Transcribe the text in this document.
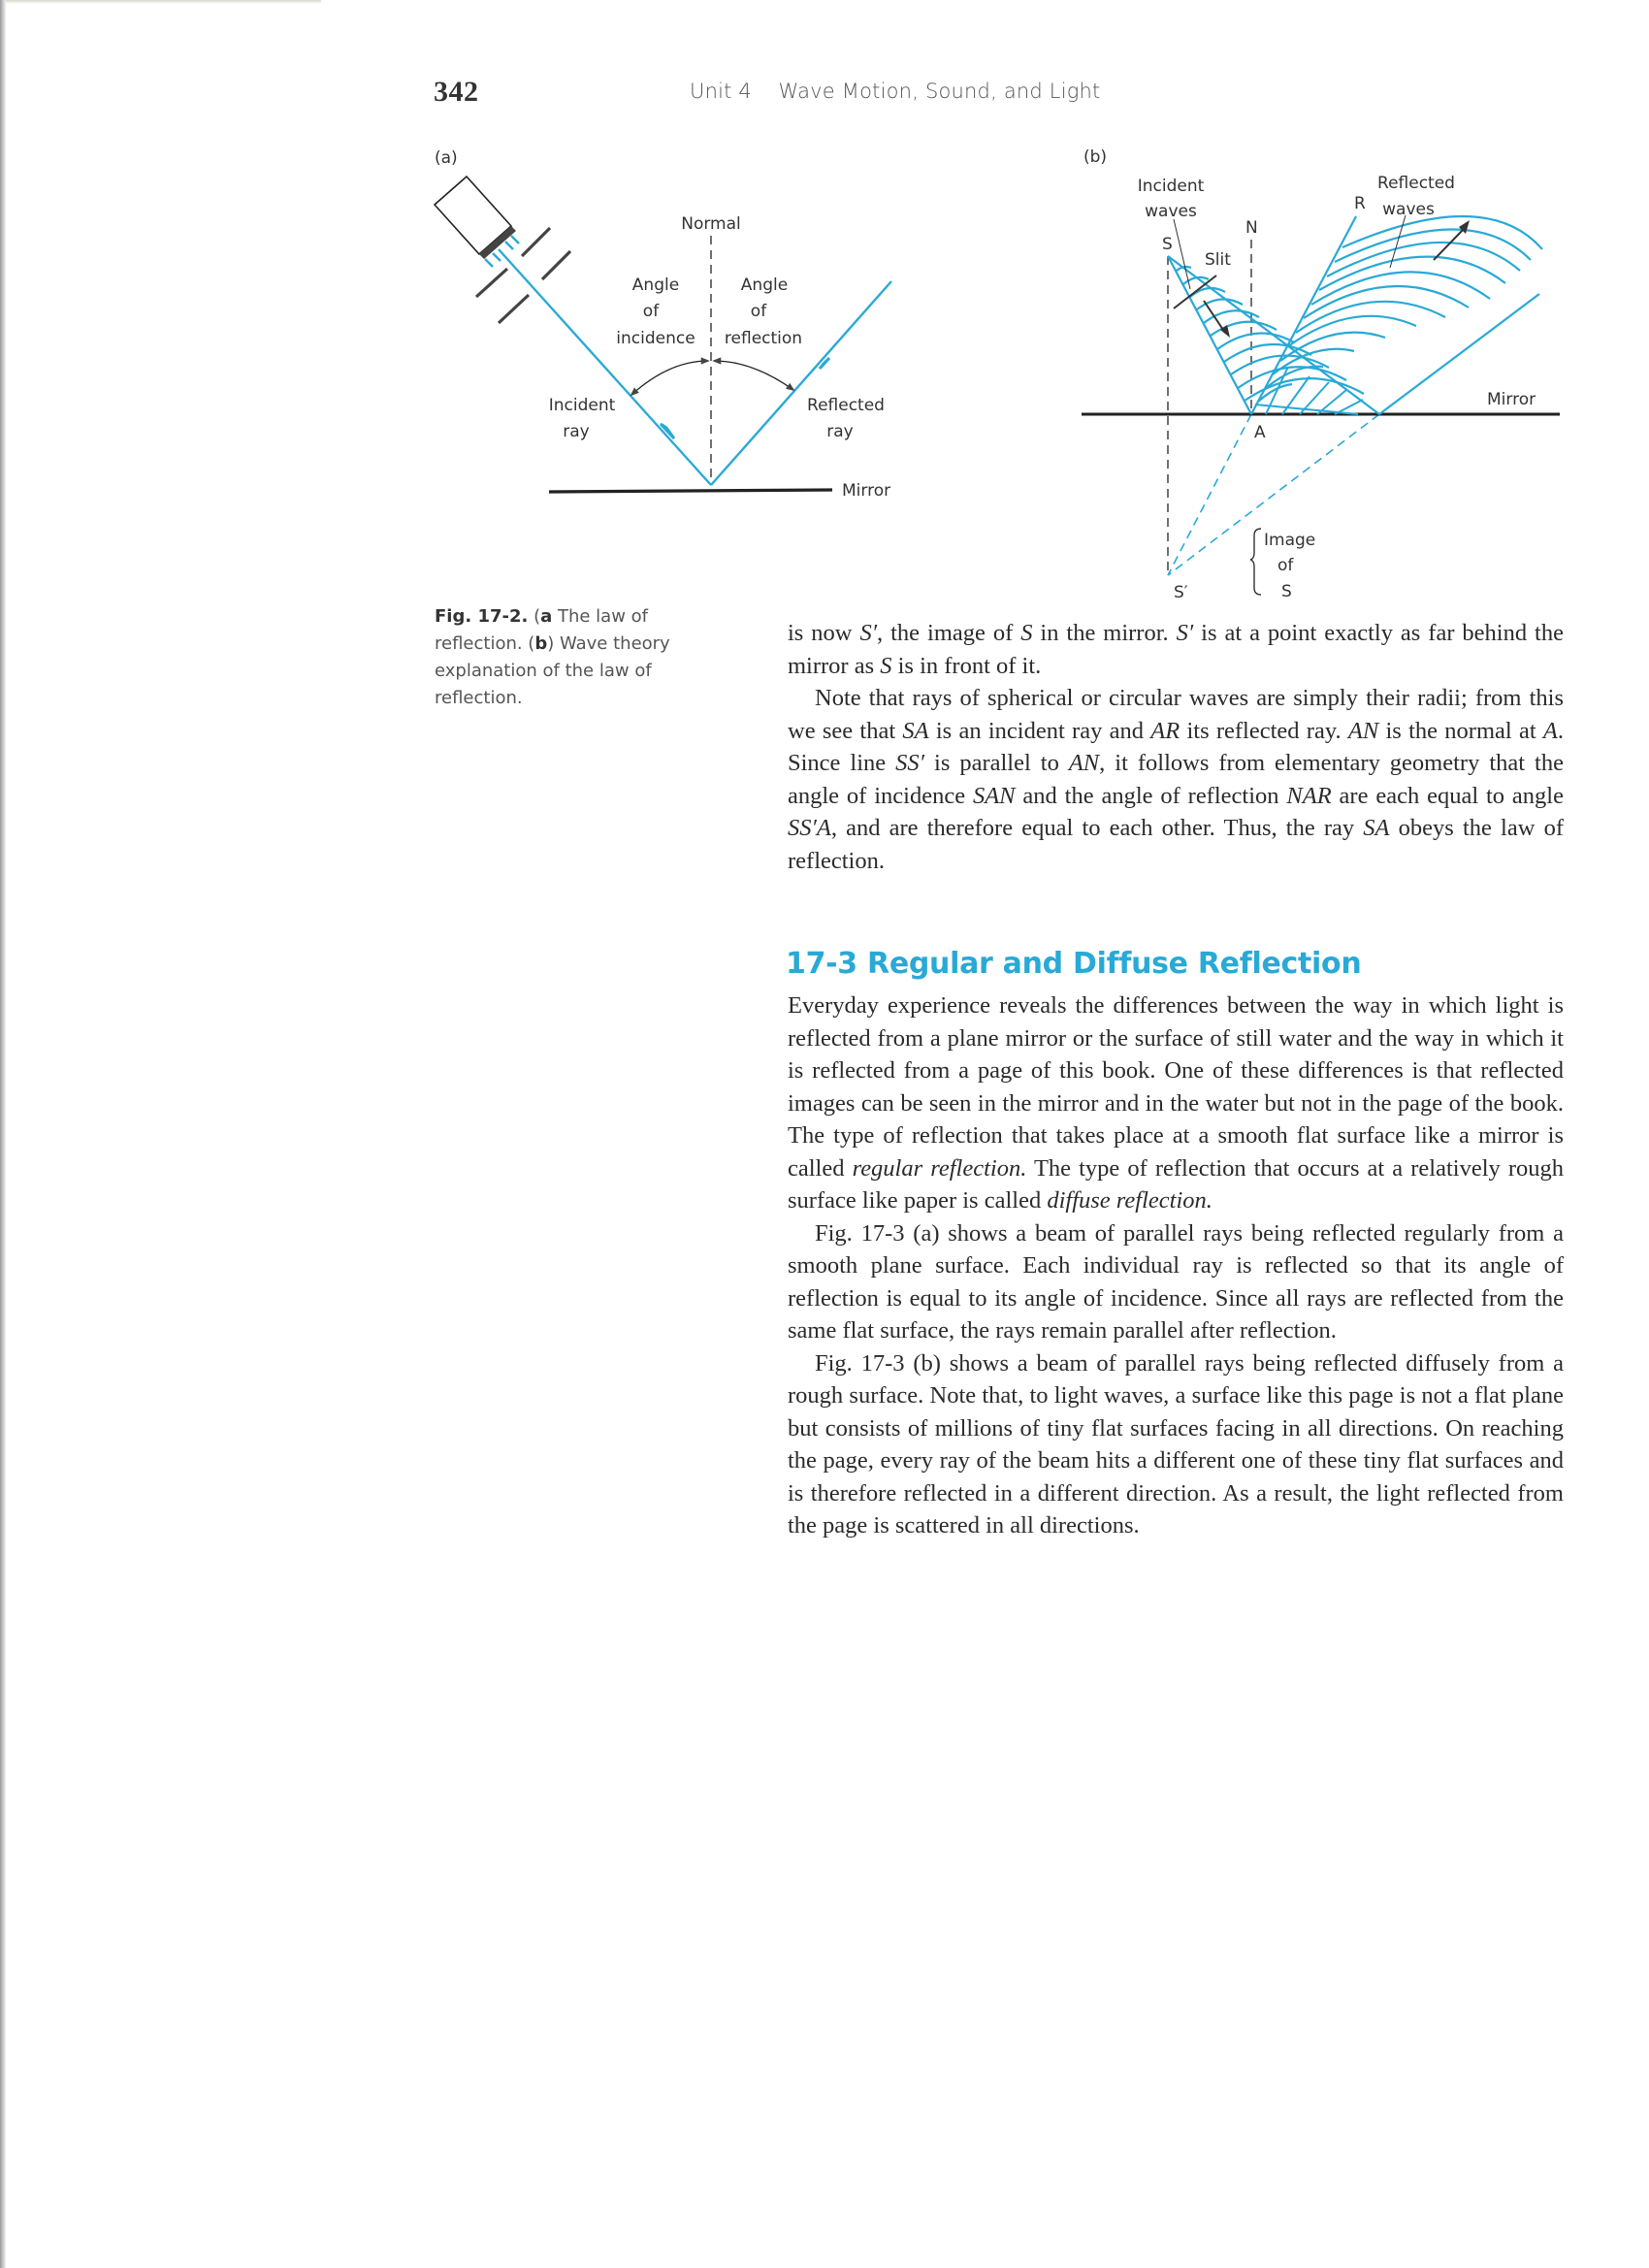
342	Unit 4    Wave Motion, Sound, and Light
(a)
Normal
Angle
of
incidence
Angle
of
reflection
Incident
ray
Reflected
ray
Mirror
(b)
Incident
waves
Reflected
waves
S
N
R
A
S′
Slit
Mirror
Image
of
S
Fig. 17-2. (a The law of reflection. (b) Wave theory explanation of the law of reflection.

is now S′, the image of S in the mirror. S′ is at a point exactly as far behind the mirror as S is in front of it.

Note that rays of spherical or circular waves are simply their radii; from this we see that SA is an incident ray and AR its reflected ray. AN is the normal at A. Since line SS′ is parallel to AN, it follows from elementary geometry that the angle of incidence SAN and the angle of reflection NAR are each equal to angle SS′A, and are therefore equal to each other. Thus, the ray SA obeys the law of reflection.

17-3 Regular and Diffuse Reflection

Everyday experience reveals the differences between the way in which light is reflected from a plane mirror or the surface of still water and the way in which it is reflected from a page of this book. One of these differences is that reflected images can be seen in the mirror and in the water but not in the page of the book. The type of reflection that takes place at a smooth flat surface like a mirror is called regular reflection. The type of reflection that occurs at a relatively rough surface like paper is called diffuse reflection.

Fig. 17-3 (a) shows a beam of parallel rays being reflected regularly from a smooth plane surface. Each individual ray is reflected so that its angle of reflection is equal to its angle of incidence. Since all rays are reflected from the same flat surface, the rays remain parallel after reflection.

Fig. 17-3 (b) shows a beam of parallel rays being reflected diffusely from a rough surface. Note that, to light waves, a surface like this page is not a flat plane but consists of millions of tiny flat surfaces facing in all directions. On reaching the page, every ray of the beam hits a different one of these tiny flat surfaces and is therefore reflected in a different direction. As a result, the light reflected from the page is scattered in all directions.
